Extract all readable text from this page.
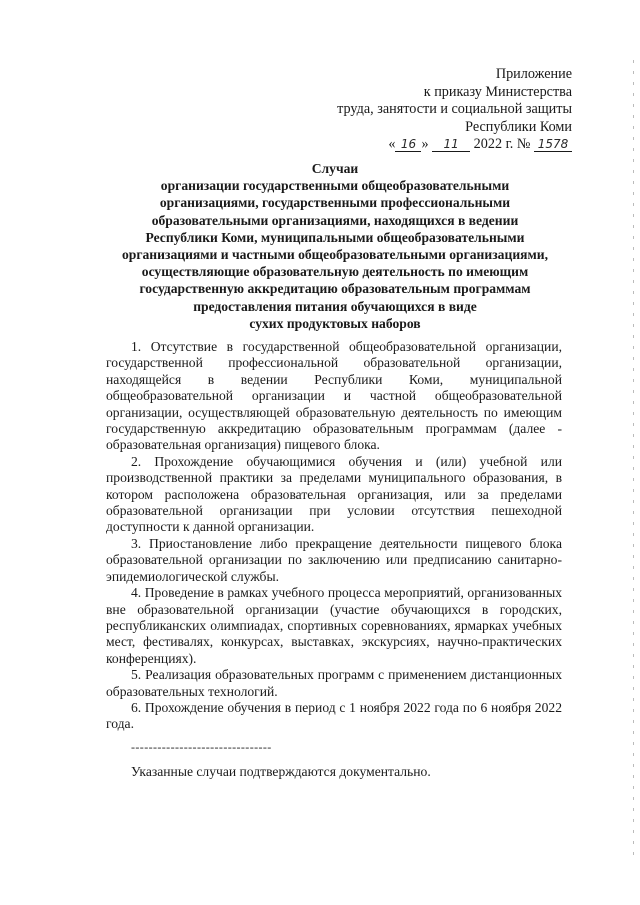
Приложение
к приказу Министерства
труда, занятости и социальной защиты
Республики Коми
« 16 » 11 2022 г. № 1578
Случаи
организации государственными общеобразовательными
организациями, государственными профессиональными
образовательными организациями, находящихся в ведении
Республики Коми, муниципальными общеобразовательными
организациями и частными общеобразовательными организациями,
осуществляющие образовательную деятельность по имеющим
государственную аккредитацию образовательным программам
предоставления питания обучающихся в виде
сухих продуктовых наборов

1. Отсутствие в государственной общеобразовательной организации, государственной профессиональной образовательной организации, находящейся в ведении Республики Коми, муниципальной общеобразовательной организации и частной общеобразовательной организации, осуществляющей образовательную деятельность по имеющим государственную аккредитацию образовательным программам (далее - образовательная организация) пищевого блока.

2. Прохождение обучающимися обучения и (или) учебной или производственной практики за пределами муниципального образования, в котором расположена образовательная организация, или за пределами образовательной организации при условии отсутствия пешеходной доступности к данной организации.

3. Приостановление либо прекращение деятельности пищевого блока образовательной организации по заключению или предписанию санитарно-эпидемиологической службы.

4. Проведение в рамках учебного процесса мероприятий, организованных вне образовательной организации (участие обучающихся в городских, республиканских олимпиадах, спортивных соревнованиях, ярмарках учебных мест, фестивалях, конкурсах, выставках, экскурсиях, научно-практических конференциях).

5. Реализация образовательных программ с применением дистанционных образовательных технологий.

6. Прохождение обучения в период с 1 ноября 2022 года по 6 ноября 2022 года.

--------------------------------
Указанные случаи подтверждаются документально.
